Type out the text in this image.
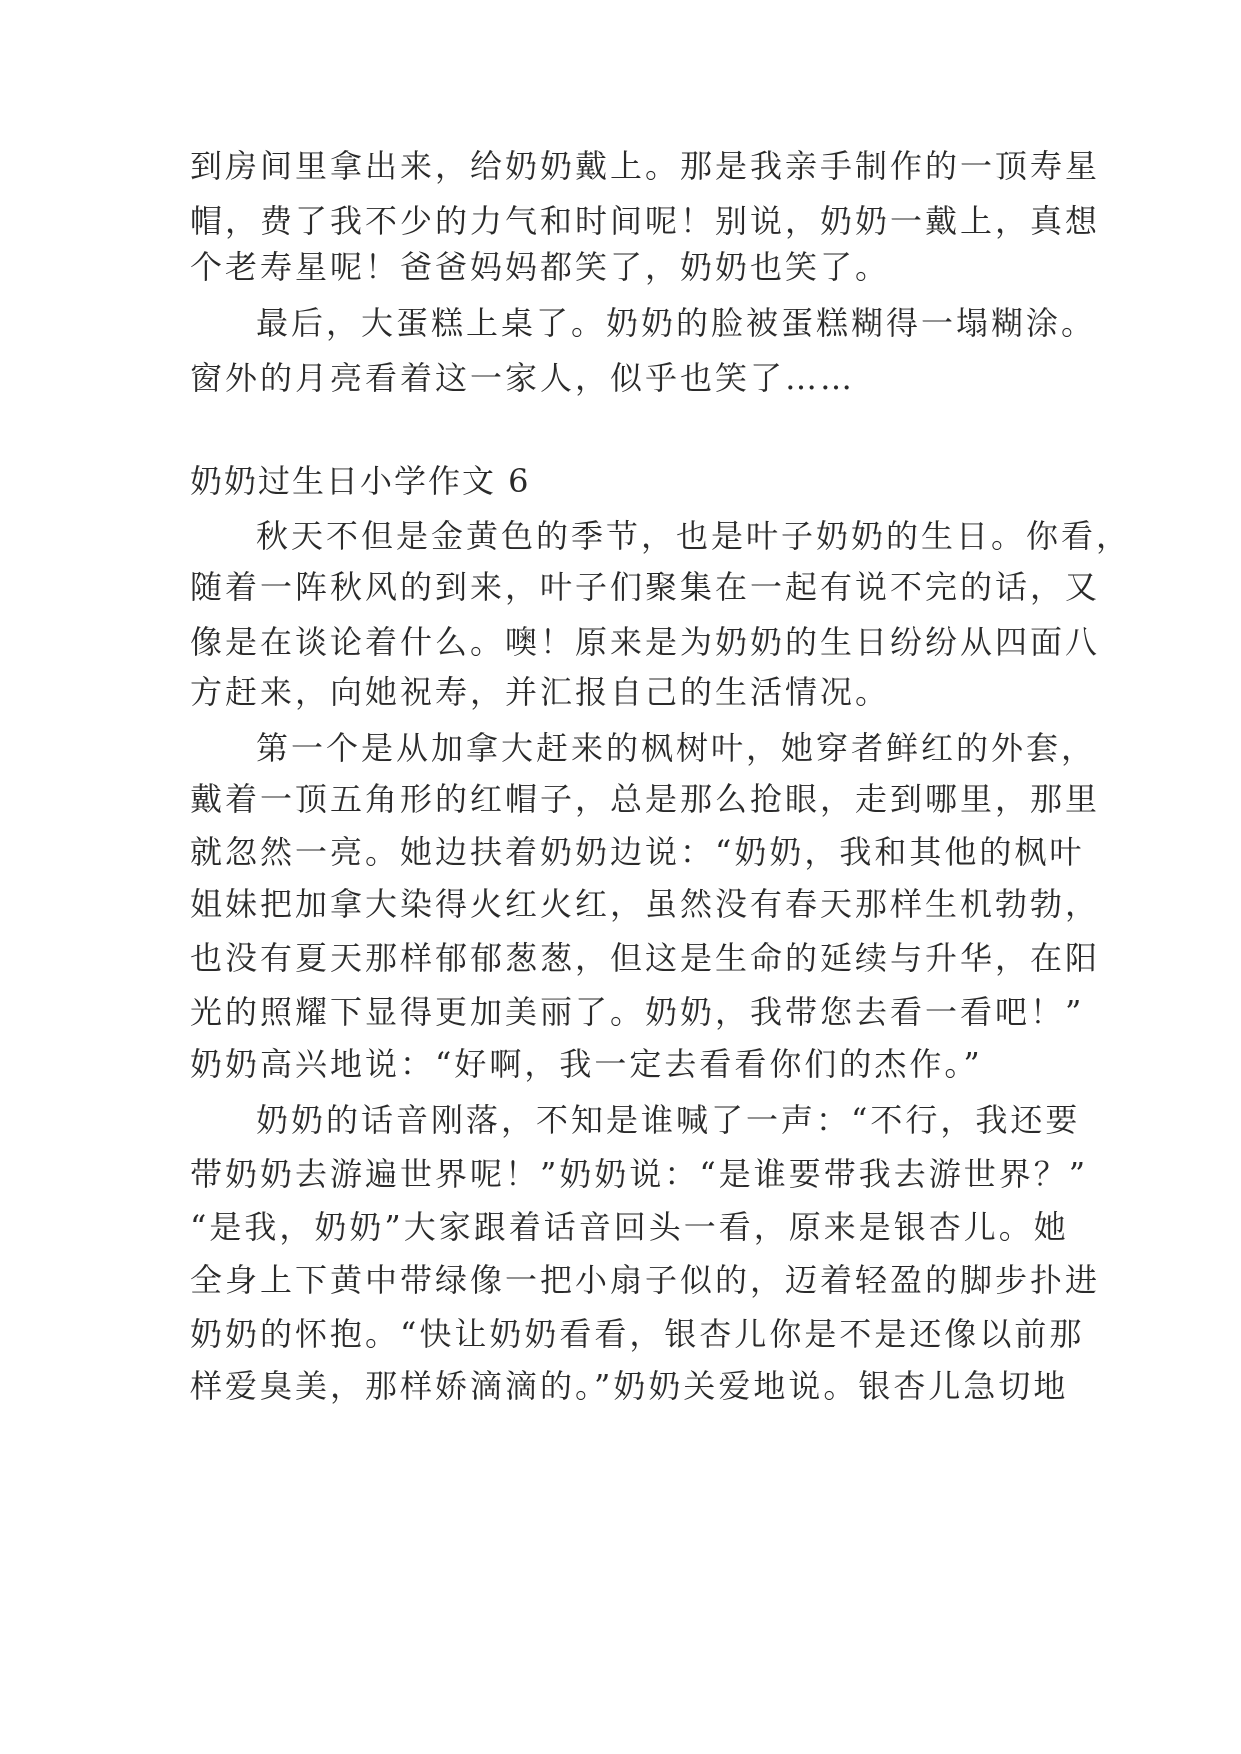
到房间里拿出来，给奶奶戴上。那是我亲手制作的一顶寿星
帽，费了我不少的力气和时间呢！别说，奶奶一戴上，真想
个老寿星呢！爸爸妈妈都笑了，奶奶也笑了。
最后，大蛋糕上桌了。奶奶的脸被蛋糕糊得一塌糊涂。
窗外的月亮看着这一家人，似乎也笑了……
奶奶过生日小学作文 6
秋天不但是金黄色的季节，也是叶子奶奶的生日。你看，
随着一阵秋风的到来，叶子们聚集在一起有说不完的话，又
像是在谈论着什么。噢！原来是为奶奶的生日纷纷从四面八
方赶来，向她祝寿，并汇报自己的生活情况。
第一个是从加拿大赶来的枫树叶，她穿者鲜红的外套，
戴着一顶五角形的红帽子，总是那么抢眼，走到哪里，那里
就忽然一亮。她边扶着奶奶边说：“奶奶，我和其他的枫叶
姐妹把加拿大染得火红火红，虽然没有春天那样生机勃勃，
也没有夏天那样郁郁葱葱，但这是生命的延续与升华，在阳
光的照耀下显得更加美丽了。奶奶，我带您去看一看吧！”
奶奶高兴地说：“好啊，我一定去看看你们的杰作。”
奶奶的话音刚落，不知是谁喊了一声：“不行，我还要
带奶奶去游遍世界呢！”奶奶说：“是谁要带我去游世界？”
“是我，奶奶”大家跟着话音回头一看，原来是银杏儿。她
全身上下黄中带绿像一把小扇子似的，迈着轻盈的脚步扑进
奶奶的怀抱。“快让奶奶看看，银杏儿你是不是还像以前那
样爱臭美，那样娇滴滴的。”奶奶关爱地说。银杏儿急切地
